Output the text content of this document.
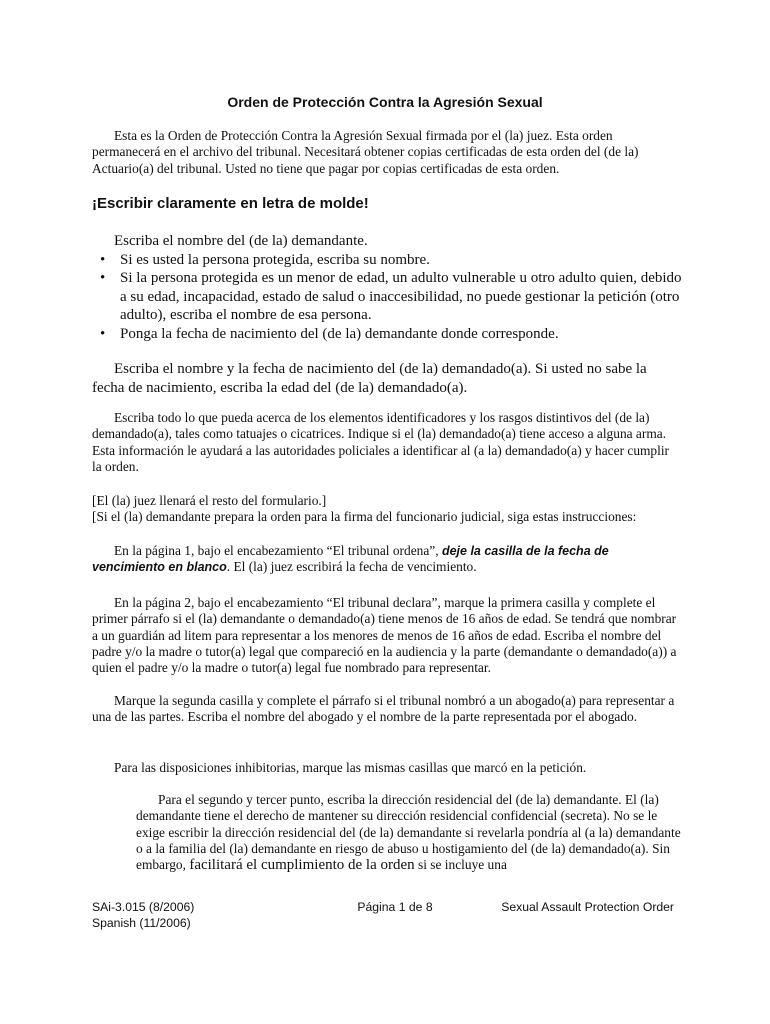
Orden de Protección Contra la Agresión Sexual

Esta es la Orden de Protección Contra la Agresión Sexual firmada por el (la) juez. Esta orden permanecerá en el archivo del tribunal. Necesitará obtener copias certificadas de esta orden del (de la) Actuario(a) del tribunal. Usted no tiene que pagar por copias certificadas de esta orden.

¡Escribir claramente en letra de molde!

Escriba el nombre del (de la) demandante.

• Si es usted la persona protegida, escriba su nombre.
• Si la persona protegida es un menor de edad, un adulto vulnerable u otro adulto quien, debido a su edad, incapacidad, estado de salud o inaccesibilidad, no puede gestionar la petición (otro adulto), escriba el nombre de esa persona.
• Ponga la fecha de nacimiento del (de la) demandante donde corresponde.

Escriba el nombre y la fecha de nacimiento del (de la) demandado(a). Si usted no sabe la fecha de nacimiento, escriba la edad del (de la) demandado(a).

Escriba todo lo que pueda acerca de los elementos identificadores y los rasgos distintivos del (de la) demandado(a), tales como tatuajes o cicatrices. Indique si el (la) demandado(a) tiene acceso a alguna arma. Esta información le ayudará a las autoridades policiales a identificar al (a la) demandado(a) y hacer cumplir la orden.

[El (la) juez llenará el resto del formulario.]

[Si el (la) demandante prepara la orden para la firma del funcionario judicial, siga estas instrucciones:

En la página 1, bajo el encabezamiento “El tribunal ordena”, deje la casilla de la fecha de vencimiento en blanco. El (la) juez escribirá la fecha de vencimiento.

En la página 2, bajo el encabezamiento “El tribunal declara”, marque la primera casilla y complete el primer párrafo si el (la) demandante o demandado(a) tiene menos de 16 años de edad. Se tendrá que nombrar a un guardián ad litem para representar a los menores de menos de 16 años de edad. Escriba el nombre del padre y/o la madre o tutor(a) legal que compareció en la audiencia y la parte (demandante o demandado(a)) a quien el padre y/o la madre o tutor(a) legal fue nombrado para representar.

Marque la segunda casilla y complete el párrafo si el tribunal nombró a un abogado(a) para representar a una de las partes. Escriba el nombre del abogado y el nombre de la parte representada por el abogado.

Para las disposiciones inhibitorias, marque las mismas casillas que marcó en la petición.

Para el segundo y tercer punto, escriba la dirección residencial del (de la) demandante. El (la) demandante tiene el derecho de mantener su dirección residencial confidencial (secreta). No se le exige escribir la dirección residencial del (de la) demandante si revelarla pondría al (a la) demandante o a la familia del (la) demandante en riesgo de abuso u hostigamiento del (de la) demandado(a). Sin embargo, facilitará el cumplimiento de la orden si se incluye una

SAi-3.015 (8/2006)
Spanish (11/2006)
Página 1 de 8	Sexual Assault Protection Order
